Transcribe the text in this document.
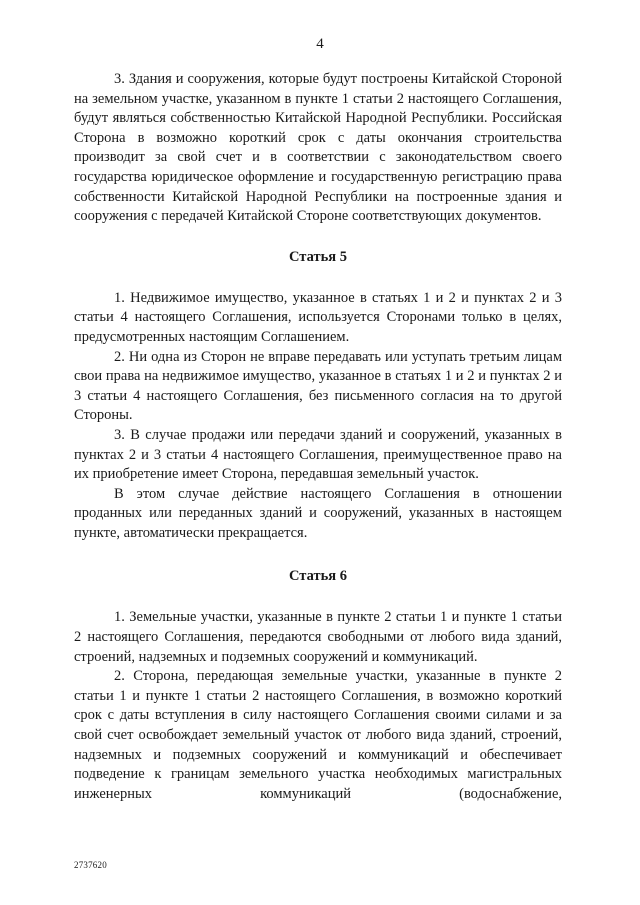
4

3. Здания и сооружения, которые будут построены Китайской Стороной на земельном участке, указанном в пункте 1 статьи 2 настоящего Соглашения, будут являться собственностью Китайской Народной Республики. Российская Сторона в возможно короткий срок с даты окончания строительства производит за свой счет и в соответствии с законодательством своего государства юридическое оформление и государственную регистрацию права собственности Китайской Народной Республики на построенные здания и сооружения с передачей Китайской Стороне соответствующих документов.

Статья 5

1. Недвижимое имущество, указанное в статьях 1 и 2 и пунктах 2 и 3 статьи 4 настоящего Соглашения, используется Сторонами только в целях, предусмотренных настоящим Соглашением.

2. Ни одна из Сторон не вправе передавать или уступать третьим лицам свои права на недвижимое имущество, указанное в статьях 1 и 2 и пунктах 2 и 3 статьи 4 настоящего Соглашения, без письменного согласия на то другой Стороны.

3. В случае продажи или передачи зданий и сооружений, указанных в пунктах 2 и 3 статьи 4 настоящего Соглашения, преимущественное право на их приобретение имеет Сторона, передавшая земельный участок.

В этом случае действие настоящего Соглашения в отношении проданных или переданных зданий и сооружений, указанных в настоящем пункте, автоматически прекращается.

Статья 6

1. Земельные участки, указанные в пункте 2 статьи 1 и пункте 1 статьи 2 настоящего Соглашения, передаются свободными от любого вида зданий, строений, надземных и подземных сооружений и коммуникаций.

2. Сторона, передающая земельные участки, указанные в пункте 2 статьи 1 и пункте 1 статьи 2 настоящего Соглашения, в возможно короткий срок с даты вступления в силу настоящего Соглашения своими силами и за свой счет освобождает земельный участок от любого вида зданий, строений, надземных и подземных сооружений и коммуникаций и обеспечивает подведение к границам земельного участка необходимых магистральных инженерных коммуникаций (водоснабжение,

2737620
